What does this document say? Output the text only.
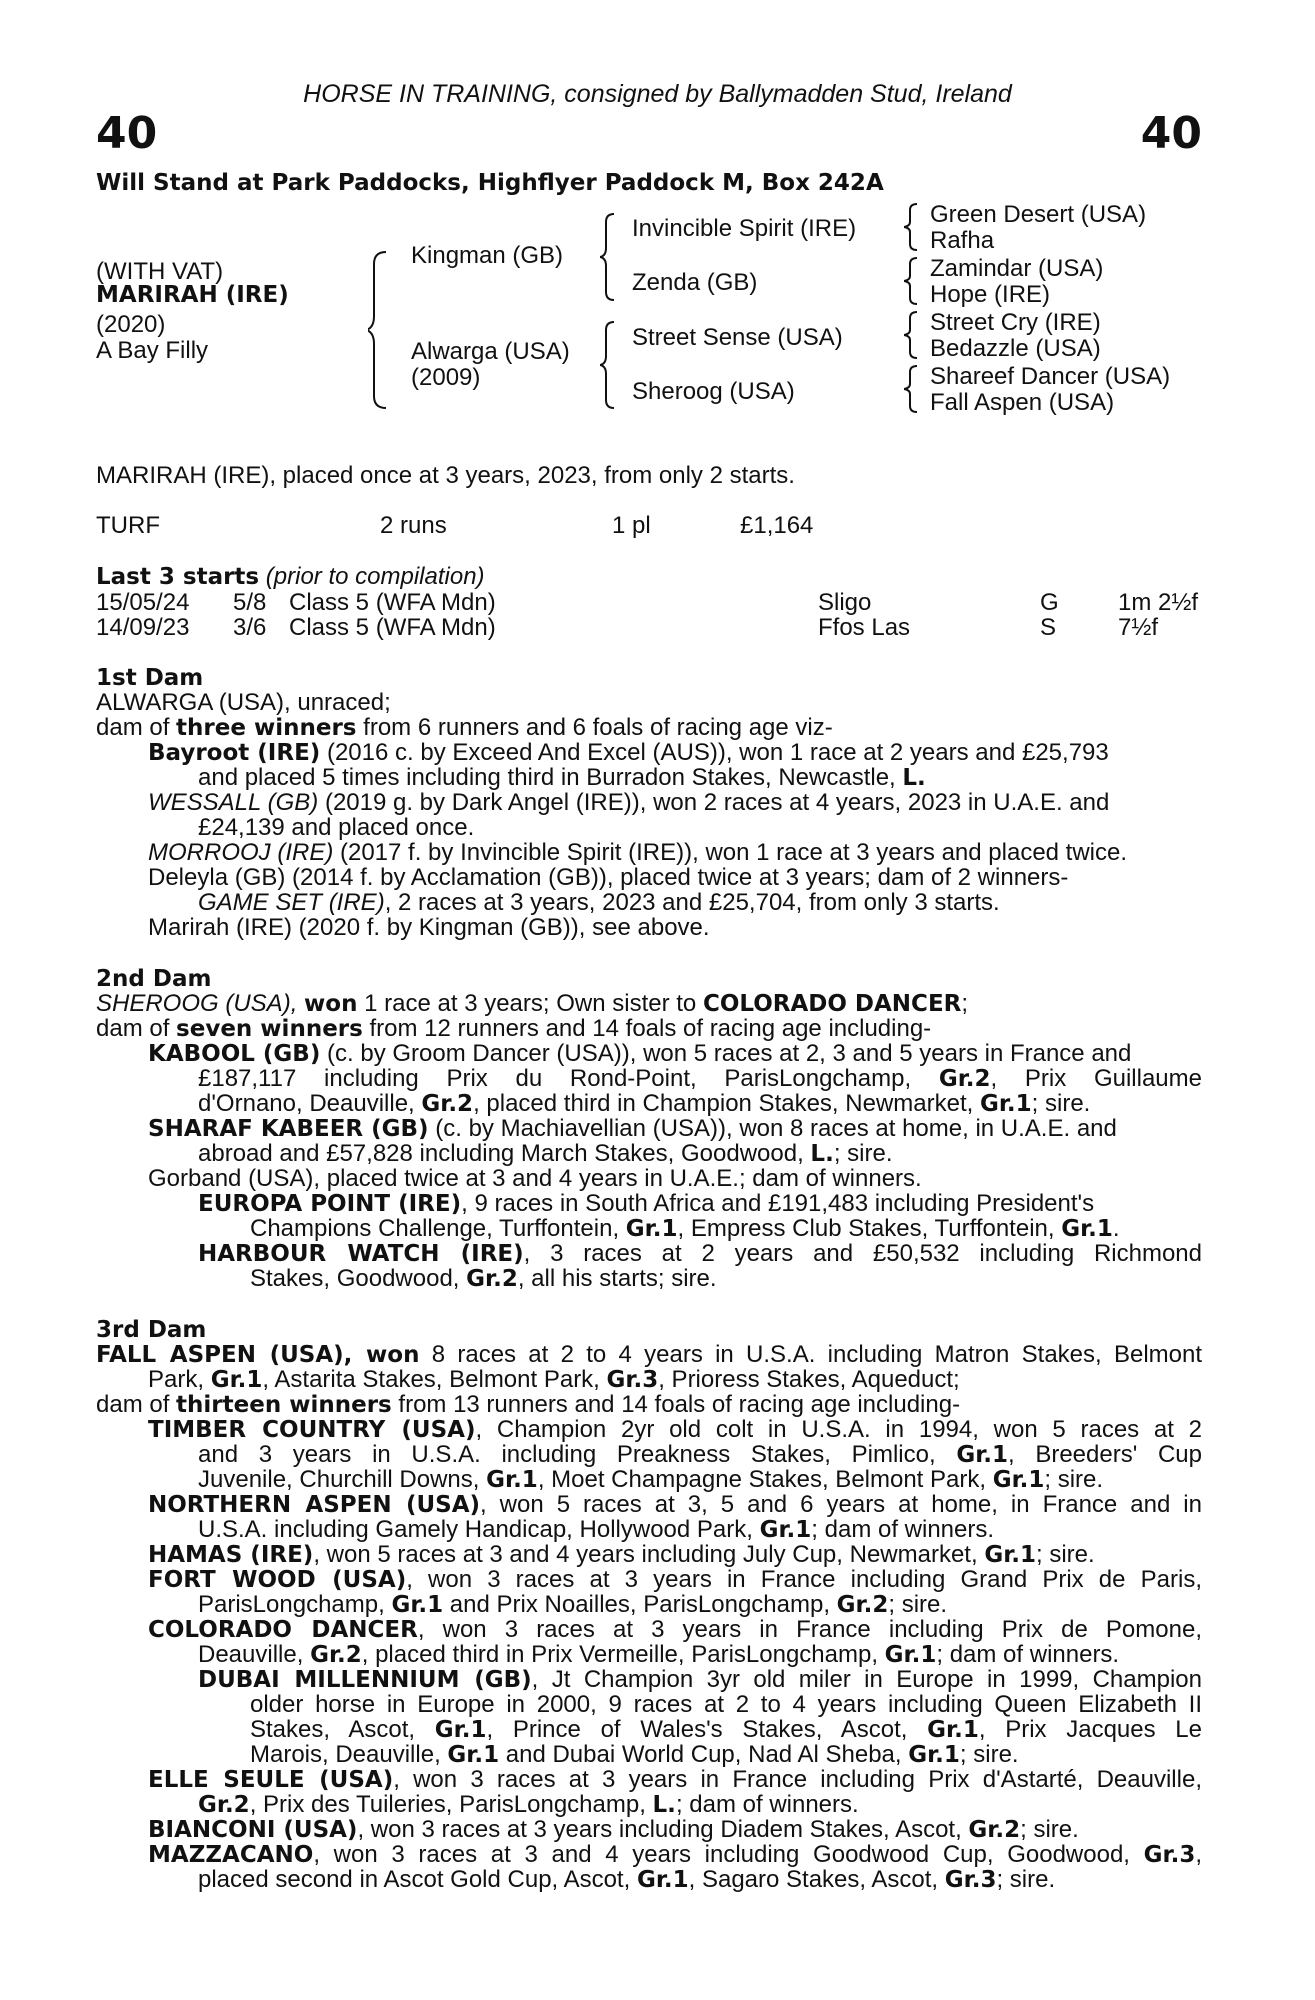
HORSE IN TRAINING, consigned by Ballymadden Stud, Ireland
40	40
Will Stand at Park Paddocks, Highflyer Paddock M, Box 242A
(WITH VAT)
MARIRAH (IRE)
(2020)
A Bay Filly
Kingman (GB)
Alwarga (USA)
(2009)
Invincible Spirit (IRE)
Zenda (GB)
Street Sense (USA)
Sheroog (USA)
Green Desert (USA)
Rafha
Zamindar (USA)
Hope (IRE)
Street Cry (IRE)
Bedazzle (USA)
Shareef Dancer (USA)
Fall Aspen (USA)
MARIRAH (IRE), placed once at 3 years, 2023, from only 2 starts.
TURF	2 runs	1 pl	£1,164
Last 3 starts (prior to compilation)
15/05/24 5/8 Class 5 (WFA Mdn)	Sligo	G 1m 2½f
14/09/23 3/6 Class 5 (WFA Mdn)	Ffos Las	S	7½f
1st Dam
ALWARGA (USA), unraced;
dam of three winners from 6 runners and 6 foals of racing age viz-
Bayroot (IRE) (2016 c. by Exceed And Excel (AUS)), won 1 race at 2 years and £25,793
and placed 5 times including third in Burradon Stakes, Newcastle, L.
WESSALL (GB) (2019 g. by Dark Angel (IRE)), won 2 races at 4 years, 2023 in U.A.E. and
£24,139 and placed once.
MORROOJ (IRE) (2017 f. by Invincible Spirit (IRE)), won 1 race at 3 years and placed twice.
Deleyla (GB) (2014 f. by Acclamation (GB)), placed twice at 3 years; dam of 2 winners-
GAME SET (IRE), 2 races at 3 years, 2023 and £25,704, from only 3 starts.
Marirah (IRE) (2020 f. by Kingman (GB)), see above.
2nd Dam
SHEROOG (USA), won 1 race at 3 years; Own sister to COLORADO DANCER;
dam of seven winners from 12 runners and 14 foals of racing age including-
KABOOL (GB) (c. by Groom Dancer (USA)), won 5 races at 2, 3 and 5 years in France and
£187,117 including Prix du Rond-Point, ParisLongchamp, Gr.2, Prix Guillaume
d'Ornano, Deauville, Gr.2, placed third in Champion Stakes, Newmarket, Gr.1; sire.
SHARAF KABEER (GB) (c. by Machiavellian (USA)), won 8 races at home, in U.A.E. and
abroad and £57,828 including March Stakes, Goodwood, L.; sire.
Gorband (USA), placed twice at 3 and 4 years in U.A.E.; dam of winners.
EUROPA POINT (IRE), 9 races in South Africa and £191,483 including President's
Champions Challenge, Turffontein, Gr.1, Empress Club Stakes, Turffontein, Gr.1.
HARBOUR WATCH (IRE), 3 races at 2 years and £50,532 including Richmond
Stakes, Goodwood, Gr.2, all his starts; sire.
3rd Dam
FALL ASPEN (USA), won 8 races at 2 to 4 years in U.S.A. including Matron Stakes, Belmont
Park, Gr.1, Astarita Stakes, Belmont Park, Gr.3, Prioress Stakes, Aqueduct;
dam of thirteen winners from 13 runners and 14 foals of racing age including-
TIMBER COUNTRY (USA), Champion 2yr old colt in U.S.A. in 1994, won 5 races at 2
and 3 years in U.S.A. including Preakness Stakes, Pimlico, Gr.1, Breeders' Cup
Juvenile, Churchill Downs, Gr.1, Moet Champagne Stakes, Belmont Park, Gr.1; sire.
NORTHERN ASPEN (USA), won 5 races at 3, 5 and 6 years at home, in France and in
U.S.A. including Gamely Handicap, Hollywood Park, Gr.1; dam of winners.
HAMAS (IRE), won 5 races at 3 and 4 years including July Cup, Newmarket, Gr.1; sire.
FORT WOOD (USA), won 3 races at 3 years in France including Grand Prix de Paris,
ParisLongchamp, Gr.1 and Prix Noailles, ParisLongchamp, Gr.2; sire.
COLORADO DANCER, won 3 races at 3 years in France including Prix de Pomone,
Deauville, Gr.2, placed third in Prix Vermeille, ParisLongchamp, Gr.1; dam of winners.
DUBAI MILLENNIUM (GB), Jt Champion 3yr old miler in Europe in 1999, Champion
older horse in Europe in 2000, 9 races at 2 to 4 years including Queen Elizabeth II
Stakes, Ascot, Gr.1, Prince of Wales's Stakes, Ascot, Gr.1, Prix Jacques Le
Marois, Deauville, Gr.1 and Dubai World Cup, Nad Al Sheba, Gr.1; sire.
ELLE SEULE (USA), won 3 races at 3 years in France including Prix d'Astarté, Deauville,
Gr.2, Prix des Tuileries, ParisLongchamp, L.; dam of winners.
BIANCONI (USA), won 3 races at 3 years including Diadem Stakes, Ascot, Gr.2; sire.
MAZZACANO, won 3 races at 3 and 4 years including Goodwood Cup, Goodwood, Gr.3,
placed second in Ascot Gold Cup, Ascot, Gr.1, Sagaro Stakes, Ascot, Gr.3; sire.
